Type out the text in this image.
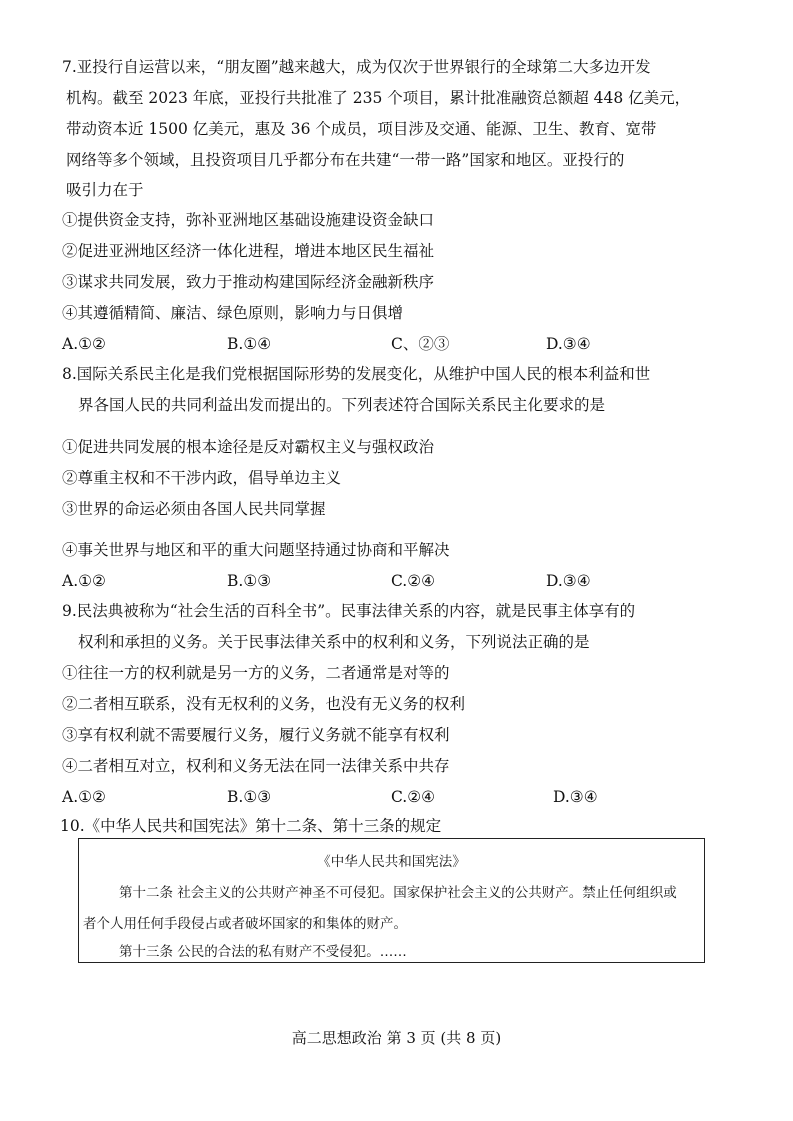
7.亚投行自运营以来，“朋友圈”越来越大，成为仅次于世界银行的全球第二大多边开发
机构。截至 2023 年底，亚投行共批准了 235 个项目，累计批准融资总额超 448 亿美元，
带动资本近 1500 亿美元，惠及 36 个成员，项目涉及交通、能源、卫生、教育、宽带
网络等多个领域，且投资项目几乎都分布在共建“一带一路”国家和地区。亚投行的
吸引力在于
①提供资金支持，弥补亚洲地区基础设施建设资金缺口
②促进亚洲地区经济一体化进程，增进本地区民生福祉
③谋求共同发展，致力于推动构建国际经济金融新秩序
④其遵循精简、廉洁、绿色原则，影响力与日俱增
A.①②	B.①④	C、②③	D.③④
8.国际关系民主化是我们党根据国际形势的发展变化，从维护中国人民的根本利益和世
界各国人民的共同利益出发而提出的。下列表述符合国际关系民主化要求的是
①促进共同发展的根本途径是反对霸权主义与强权政治
②尊重主权和不干涉内政，倡导单边主义
③世界的命运必须由各国人民共同掌握
④事关世界与地区和平的重大问题坚持通过协商和平解决
A.①②	B.①③	C.②④	D.③④
9.民法典被称为“社会生活的百科全书”。民事法律关系的内容，就是民事主体享有的
权利和承担的义务。关于民事法律关系中的权利和义务，下列说法正确的是
①往往一方的权利就是另一方的义务，二者通常是对等的
②二者相互联系，没有无权利的义务，也没有无义务的权利
③享有权利就不需要履行义务，履行义务就不能享有权利
④二者相互对立，权利和义务无法在同一法律关系中共存
A.①②	B.①③	C.②④	D.③④
10.《中华人民共和国宪法》第十二条、第十三条的规定
《中华人民共和国宪法》
第十二条 社会主义的公共财产神圣不可侵犯。国家保护社会主义的公共财产。禁止任何组织或
者个人用任何手段侵占或者破坏国家的和集体的财产。
第十三条 公民的合法的私有财产不受侵犯。……
高二思想政治 第 3 页 (共 8 页)
